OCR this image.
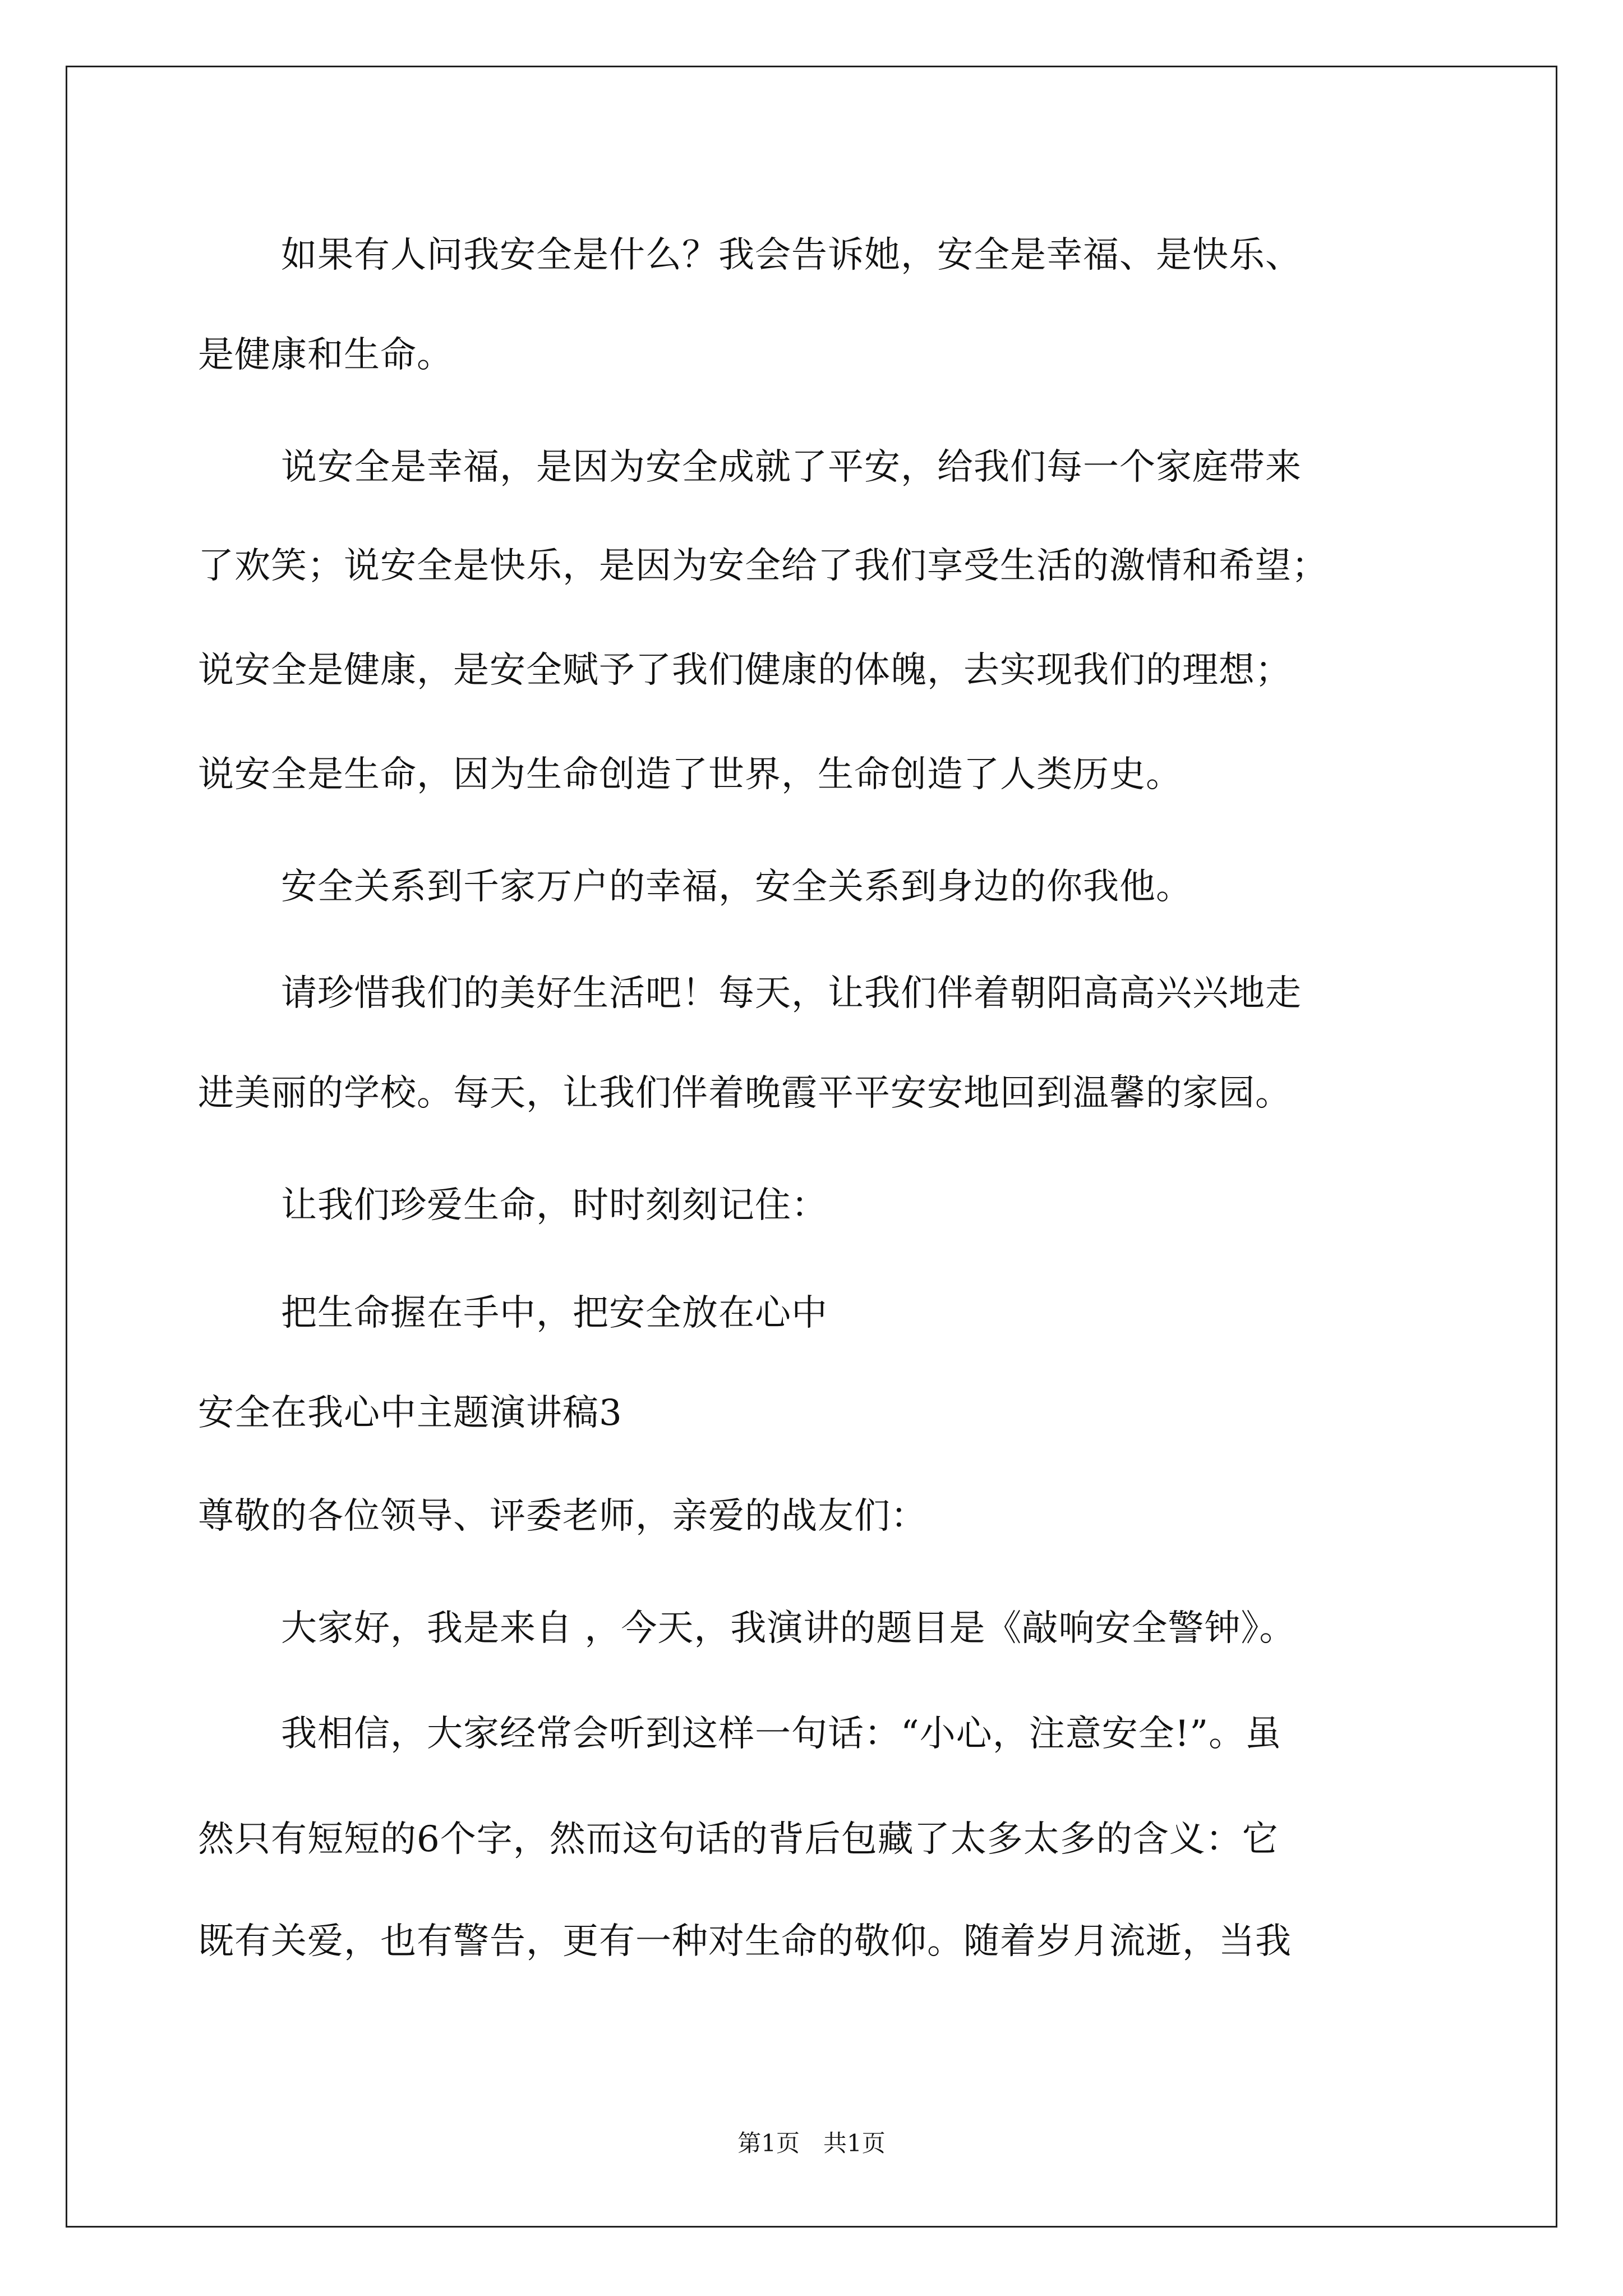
如果有人问我安全是什么？我会告诉她，安全是幸福、是快乐、
是健康和生命。
说安全是幸福，是因为安全成就了平安，给我们每一个家庭带来
了欢笑；说安全是快乐，是因为安全给了我们享受生活的激情和希望；
说安全是健康，是安全赋予了我们健康的体魄，去实现我们的理想；
说安全是生命，因为生命创造了世界，生命创造了人类历史。
安全关系到千家万户的幸福，安全关系到身边的你我他。
请珍惜我们的美好生活吧！每天，让我们伴着朝阳高高兴兴地走
进美丽的学校。每天，让我们伴着晚霞平平安安地回到温馨的家园。
让我们珍爱生命，时时刻刻记住：
把生命握在手中，把安全放在心中
安全在我心中主题演讲稿3
尊敬的各位领导、评委老师，亲爱的战友们：
大家好，我是来自 ，今天，我演讲的题目是《敲响安全警钟》。
我相信，大家经常会听到这样一句话：“小心，注意安全!”。虽
然只有短短的6个字，然而这句话的背后包藏了太多太多的含义：它
既有关爱，也有警告，更有一种对生命的敬仰。随着岁月流逝，当我
第1页　共1页
